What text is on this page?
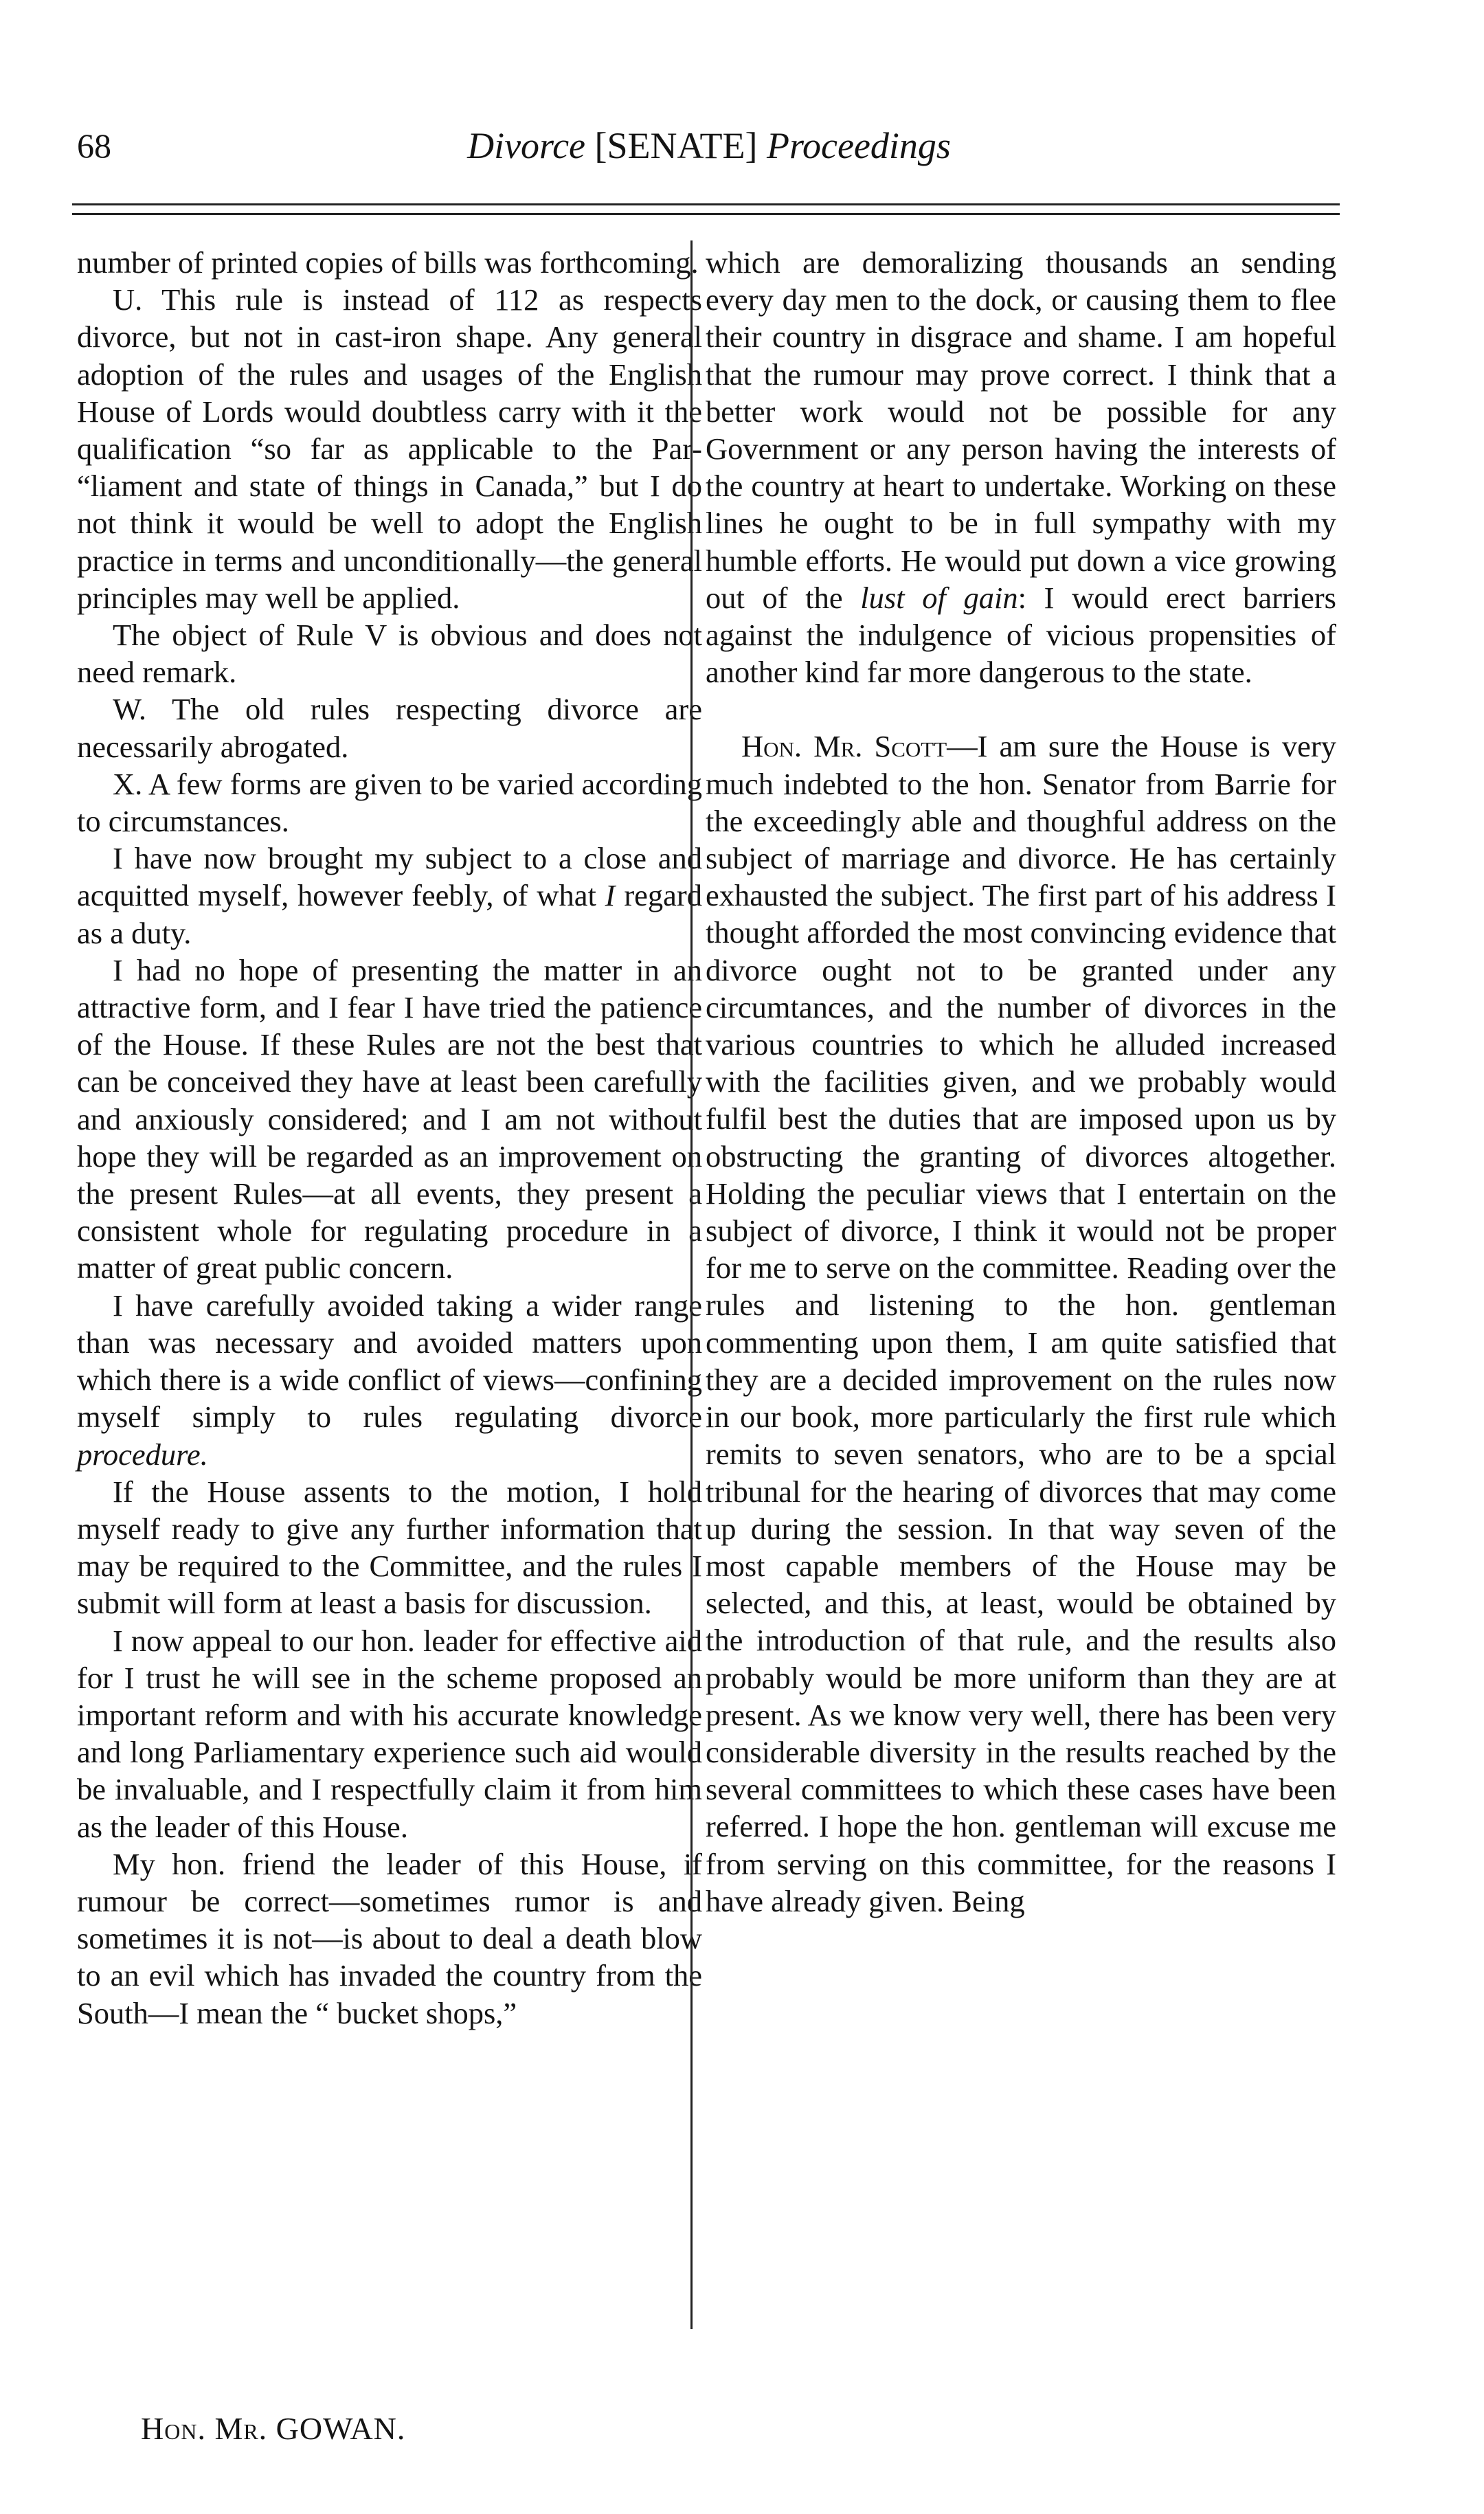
68	Divorce [SENATE] Proceedings

number of printed copies of bills was forthcoming.

U. This rule is instead of 112 as respects divorce, but not in cast-iron shape. Any general adoption of the rules and usages of the English House of Lords would doubtless carry with it the qualification “so far as applicable to the Par- “liament and state of things in Canada,” but I do not think it would be well to adopt the English practice in terms and unconditionally—the general principles may well be applied.

The object of Rule V is obvious and does not need remark.

W. The old rules respecting divorce are necessarily abrogated.

X. A few forms are given to be varied according to circumstances.

I have now brought my subject to a close and acquitted myself, however feebly, of what I regard as a duty.

I had no hope of presenting the matter in an attractive form, and I fear I have tried the patience of the House. If these Rules are not the best that can be conceived they have at least been carefully and anxiously considered; and I am not without hope they will be regarded as an improvement on the present Rules—at all events, they present a consistent whole for regulating procedure in a matter of great public concern.

I have carefully avoided taking a wider range than was necessary and avoided matters upon which there is a wide conflict of views—confining myself simply to rules regulating divorce procedure.

If the House assents to the motion, I hold myself ready to give any further information that may be required to the Committee, and the rules I submit will form at least a basis for discussion.

I now appeal to our hon. leader for effective aid for I trust he will see in the scheme proposed an important reform and with his accurate knowledge and long Parliamentary experience such aid would be invaluable, and I respectfully claim it from him as the leader of this House.

My hon. friend the leader of this House, if rumour be correct—sometimes rumor is and sometimes it is not—is about to deal a death blow to an evil which has invaded the country from the South—I mean the “ bucket shops,”

which are demoralizing thousands an sending every day men to the dock, or causing them to flee their country in disgrace and shame. I am hopeful that the rumour may prove correct. I think that a better work would not be possible for any Government or any person having the interests of the country at heart to undertake. Working on these lines he ought to be in full sympathy with my humble efforts. He would put down a vice growing out of the lust of gain: I would erect barriers against the indulgence of vicious propensities of another kind far more dangerous to the state.

Hon. Mr. Scott—I am sure the House is very much indebted to the hon. Senator from Barrie for the exceedingly able and thoughful address on the subject of marriage and divorce. He has certainly exhausted the subject. The first part of his address I thought afforded the most convincing evidence that divorce ought not to be granted under any circumtances, and the number of divorces in the various countries to which he alluded increased with the facilities given, and we probably would fulfil best the duties that are imposed upon us by obstructing the granting of divorces altogether. Holding the peculiar views that I entertain on the subject of divorce, I think it would not be proper for me to serve on the committee. Reading over the rules and listening to the hon. gentleman commenting upon them, I am quite satisfied that they are a decided improvement on the rules now in our book, more particularly the first rule which remits to seven senators, who are to be a spcial tribunal for the hearing of divorces that may come up during the session. In that way seven of the most capable members of the House may be selected, and this, at least, would be obtained by the introduction of that rule, and the results also probably would be more uniform than they are at present. As we know very well, there has been very considerable diversity in the results reached by the several committees to which these cases have been referred. I hope the hon. gentleman will excuse me from serving on this committee, for the reasons I have already given. Being

Hon. Mr. GOWAN.
